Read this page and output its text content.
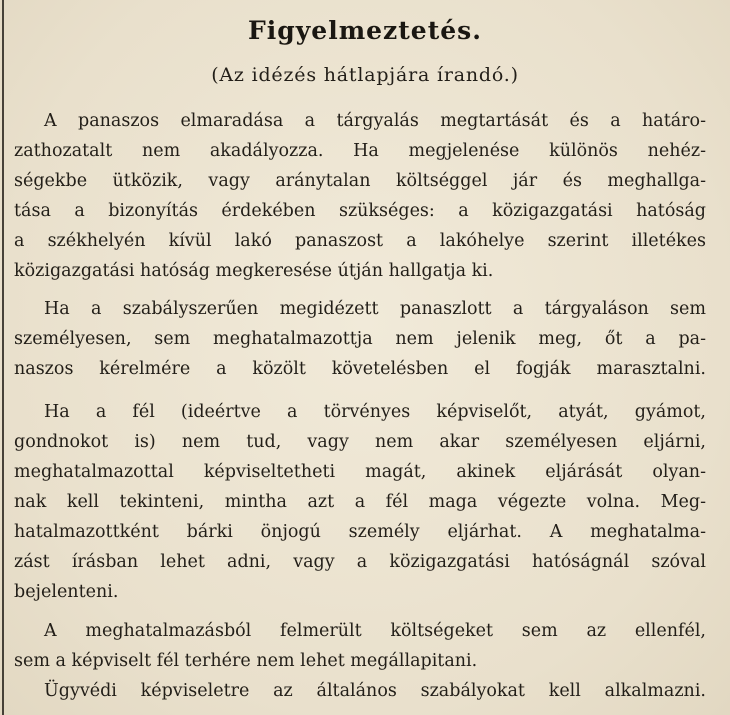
Figyelmeztetés.
(Az idézés hátlapjára írandó.)
A panaszos elmaradása a tárgyalás megtartását és a határo-
zathozatalt nem akadályozza. Ha megjelenése különös nehéz-
ségekbe ütközik, vagy aránytalan költséggel jár és meghallga-
tása a bizonyítás érdekében szükséges: a közigazgatási hatóság
a székhelyén kívül lakó panaszost a lakóhelye szerint illetékes
közigazgatási hatóság megkeresése útján hallgatja ki.
Ha a szabályszerűen megidézett panaszlott a tárgyaláson sem
személyesen, sem meghatalmazottja nem jelenik meg, őt a pa-
naszos kérelmére a közölt követelésben el fogják marasztalni.
Ha a fél (ideértve a törvényes képviselőt, atyát, gyámot,
gondnokot is) nem tud, vagy nem akar személyesen eljárni,
meghatalmazottal képviseltetheti magát, akinek eljárását olyan-
nak kell tekinteni, mintha azt a fél maga végezte volna. Meg-
hatalmazottként bárki önjogú személy eljárhat. A meghatalma-
zást írásban lehet adni, vagy a közigazgatási hatóságnál szóval
bejelenteni.
A meghatalmazásból felmerült költségeket sem az ellenfél,
sem a képviselt fél terhére nem lehet megállapitani.
Ügyvédi képviseletre az általános szabályokat kell alkalmazni.
